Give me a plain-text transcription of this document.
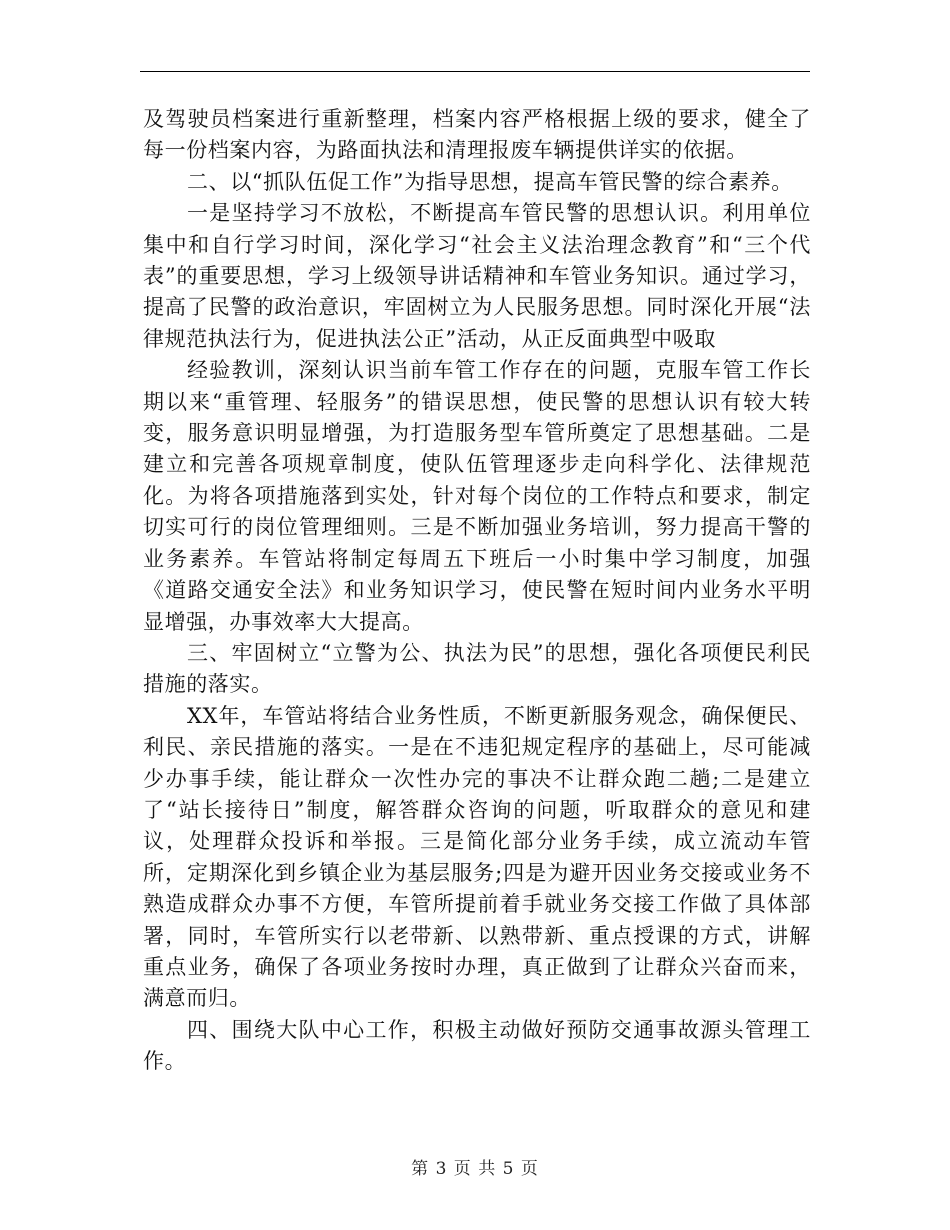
及驾驶员档案进行重新整理，档案内容严格根据上级的要求，健全了每一份档案内容，为路面执法和清理报废车辆提供详实的依据。

二、以“抓队伍促工作”为指导思想，提高车管民警的综合素养。

一是坚持学习不放松，不断提高车管民警的思想认识。利用单位集中和自行学习时间，深化学习“社会主义法治理念教育”和“三个代表”的重要思想，学习上级领导讲话精神和车管业务知识。通过学习，提高了民警的政治意识，牢固树立为人民服务思想。同时深化开展“法律规范执法行为，促进执法公正”活动，从正反面典型中吸取

经验教训，深刻认识当前车管工作存在的问题，克服车管工作长期以来“重管理、轻服务”的错误思想，使民警的思想认识有较大转变，服务意识明显增强，为打造服务型车管所奠定了思想基础。二是建立和完善各项规章制度，使队伍管理逐步走向科学化、法律规范化。为将各项措施落到实处，针对每个岗位的工作特点和要求，制定切实可行的岗位管理细则。三是不断加强业务培训，努力提高干警的业务素养。车管站将制定每周五下班后一小时集中学习制度，加强《道路交通安全法》和业务知识学习，使民警在短时间内业务水平明显增强，办事效率大大提高。

三、牢固树立“立警为公、执法为民”的思想，强化各项便民利民措施的落实。

XX年，车管站将结合业务性质，不断更新服务观念，确保便民、利民、亲民措施的落实。一是在不违犯规定程序的基础上，尽可能减少办事手续，能让群众一次性办完的事决不让群众跑二趟;二是建立了“站长接待日”制度，解答群众咨询的问题，听取群众的意见和建议，处理群众投诉和举报。三是简化部分业务手续，成立流动车管所，定期深化到乡镇企业为基层服务;四是为避开因业务交接或业务不熟造成群众办事不方便，车管所提前着手就业务交接工作做了具体部署，同时，车管所实行以老带新、以熟带新、重点授课的方式，讲解重点业务，确保了各项业务按时办理，真正做到了让群众兴奋而来，满意而归。

四、围绕大队中心工作，积极主动做好预防交通事故源头管理工作。

第 3 页 共 5 页
